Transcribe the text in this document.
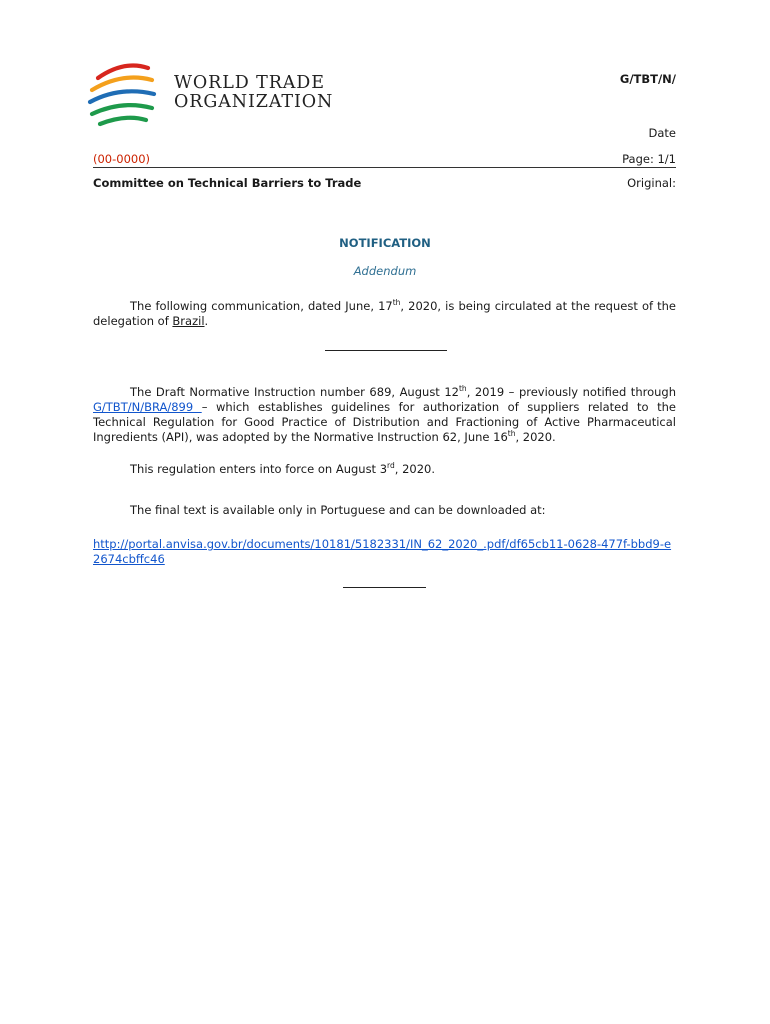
WORLD TRADE
ORGANIZATION
G/TBT/N/
Date
(00-0000)	Page: 1/1
Committee on Technical Barriers to Trade	Original:
NOTIFICATION
Addendum
The following communication, dated June, 17th, 2020, is being circulated at the request of the delegation of Brazil.
The Draft Normative Instruction number 689, August 12th, 2019 – previously notified through G/TBT/N/BRA/899 – which establishes guidelines for authorization of suppliers related to the Technical Regulation for Good Practice of Distribution and Fractioning of Active Pharmaceutical Ingredients (API), was adopted by the Normative Instruction 62, June 16th, 2020.
This regulation enters into force on August 3rd, 2020.
The final text is available only in Portuguese and can be downloaded at:
http://portal.anvisa.gov.br/documents/10181/5182331/IN_62_2020_.pdf/df65cb11-0628-477f-bbd9-e2674cbffc46
